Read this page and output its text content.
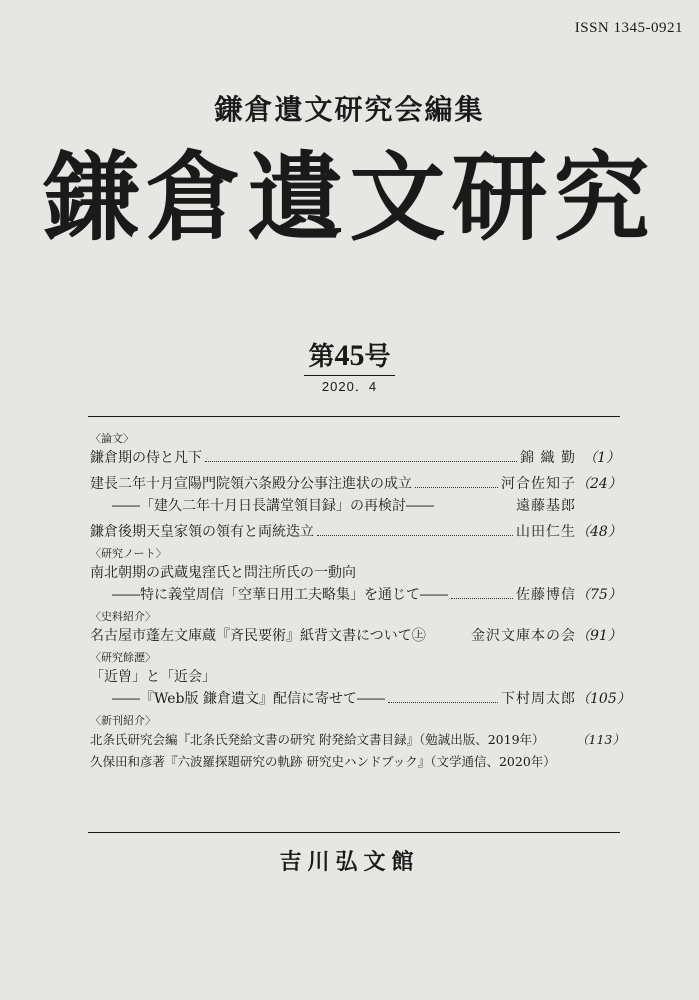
ISSN 1345-0921
鎌倉遺文研究会編集
鎌倉遺文研究
第45号
2020．4
〈論文〉
鎌倉期の侍と凡下	錦 織 勤 （1）
建長二年十月宣陽門院領六条殿分公事注進状の成立	河合佐知子 （24）
――「建久二年十月日長講堂領目録」の再検討――	遠藤基郎
鎌倉後期天皇家領の領有と両統迭立	山田仁生 （48）
〈研究ノート〉
南北朝期の武蔵鬼窪氏と問注所氏の一動向
――特に義堂周信「空華日用工夫略集」を通じて――	佐藤博信 （75）
〈史料紹介〉
名古屋市蓬左文庫蔵『斉民要術』紙背文書について㊤	金沢文庫本の会 （91）
〈研究餘瀝〉
「近曽」と「近会」
――『Web版 鎌倉遺文』配信に寄せて――	下村周太郎 （105）
〈新刊紹介〉
北条氏研究会編『北条氏発給文書の研究 附発給文書目録』（勉誠出版、2019年）	（113）
久保田和彦著『六波羅探題研究の軌跡 研究史ハンドブック』（文学通信、2020年）
吉川弘文館
